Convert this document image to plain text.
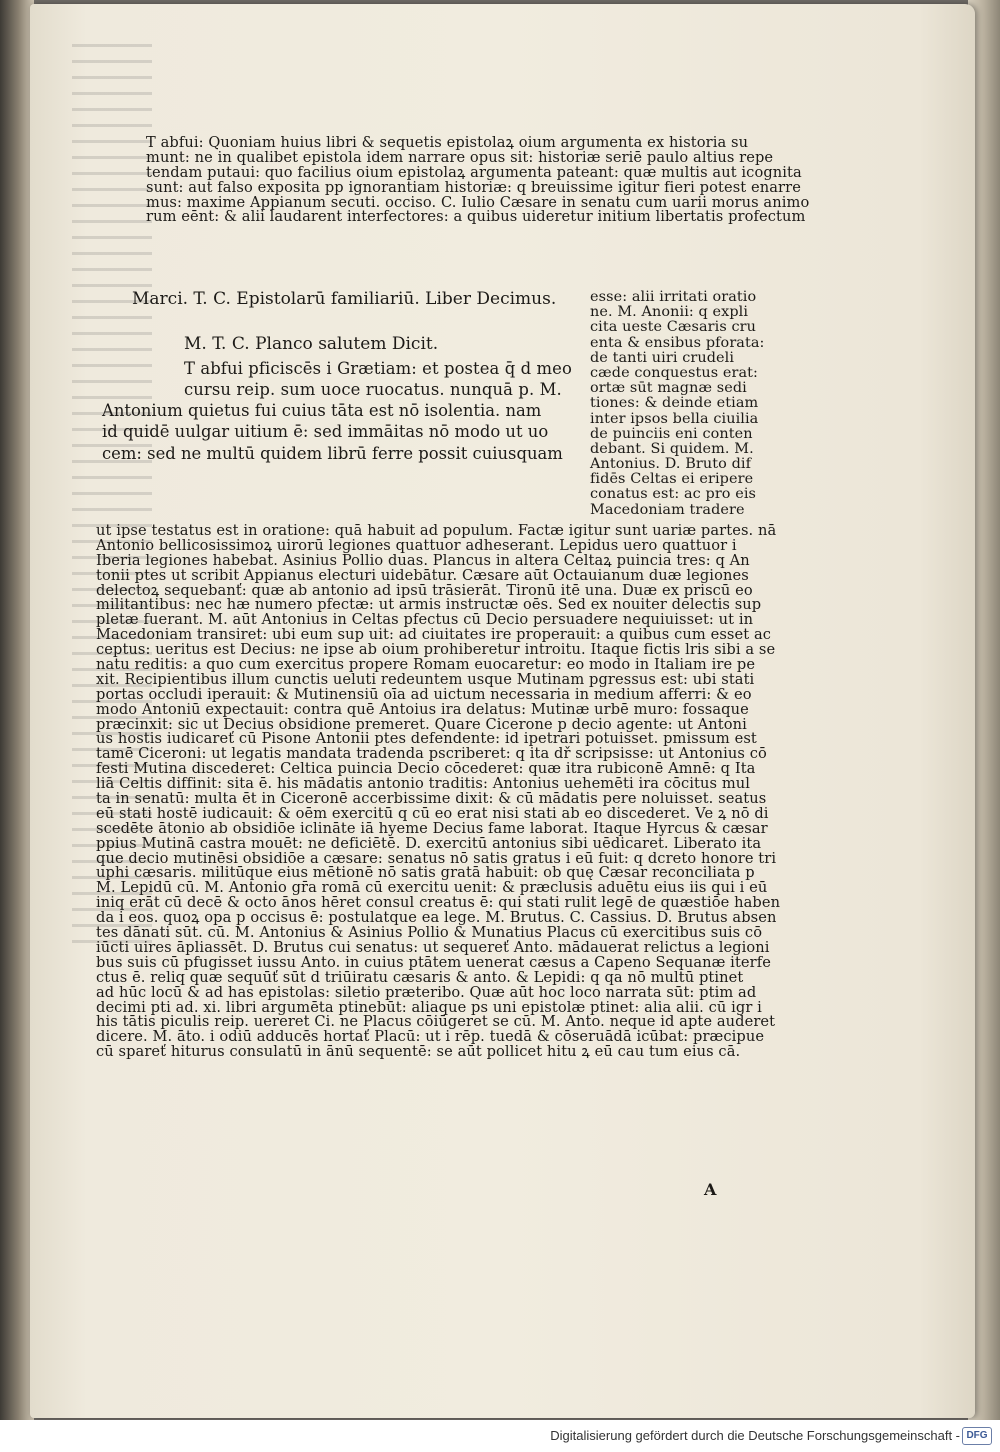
T abfui: Quoniam huius libri & sequetis epistolaꝝ oium argumenta ex historia su
munt: ne in qualibet epistola idem narrare opus sit: historiæ seriē paulo altius repe
tendam putaui: quo facilius oium epistolaꝝ argumenta pateant: quæ multis aut icognita
sunt: aut falso exposita pp ignorantiam historiæ: q breuissime igitur fieri potest enarre
mus: maxime Appianum secuti. occiso. C. Iulio Cæsare in senatu cum uarii morus animo
rum eēnt: & alii laudarent interfectores: a quibus uideretur initium libertatis profectum
Marci. T. C. Epistolarū familiariū. Liber Decimus.
M. T. C. Planco salutem Dicit.
T abfui pficiscēs i Grætiam: et postea q̄ d meo
cursu reip. sum uoce ruocatus. nunquā p. M.
Antonium quietus fui cuius tāta est nō isolentia. nam
id quidē uulgar uitium ē: sed immāitas nō modo ut uo
cem: sed ne multū quidem librū ferre possit cuiusquam
esse: alii irritati oratio
ne. M. Anonii: q expli
cita ueste Cæsaris cru
enta & ensibus pforata:
de tanti uiri crudeli
cæde conquestus erat:
ortæ sūt magnæ sedi
tiones: & deinde etiam
inter ipsos bella ciuilia
de puinciis eni conten
debant. Si quidem. M.
Antonius. D. Bruto dif
fidēs Celtas ei eripere
conatus est: ac pro eis
Macedoniam tradere
ut ipse testatus est in oratione: quā habuit ad populum. Factæ igitur sunt uariæ partes. nā
Antonio bellicosissimoꝝ uirorū legiones quattuor adheserant. Lepidus uero quattuor i
Iberia legiones habebat. Asinius Pollio duas. Plancus in altera Celtaꝝ puincia tres: q An
tonii ptes ut scribit Appianus electuri uidebātur. Cæsare aūt Octauianum duæ legiones
delectoꝝ sequebanť: quæ ab antonio ad ipsū trāsierāt. Tironū itē una. Duæ ex priscū eo
militantibus: nec hæ numero pfectæ: ut armis instructæ oēs. Sed ex nouiter delectis sup
pletæ fuerant. M. aūt Antonius in Celtas pfectus cū Decio persuadere nequiuisset: ut in
Macedoniam transiret: ubi eum sup uit: ad ciuitates ire properauit: a quibus cum esset ac
ceptus: ueritus est Decius: ne ipse ab oium prohiberetur introitu. Itaque fictis lris sibi a se
natu reditis: a quo cum exercitus propere Romam euocaretur: eo modo in Italiam ire pe
xit. Recipientibus illum cunctis ueluti redeuntem usque Mutinam pgressus est: ubi stati
portas occludi iperauit: & Mutinensiū oīa ad uictum necessaria in medium afferri: & eo
modo Antoniū expectauit: contra quē Antoius ira delatus: Mutinæ urbē muro: fossaque
præcinxit: sic ut Decius obsidione premeret. Quare Cicerone p decio agente: ut Antoni
us hostis iudicareť cū Pisone Antonii ptes defendente: id ipetrari potuisset. pmissum est
tamē Ciceroni: ut legatis mandata tradenda pscriberet: q ita dř scripsisse: ut Antonius cō
festi Mutina discederet: Celtica puincia Decio cōcederet: quæ itra rubiconē Amnē: q Ita
liā Celtis diffinit: sita ē. his mādatis antonio traditis: Antonius uehemēti ira cōcitus mul
ta in senatū: multa ēt in Ciceronē accerbissime dixit: & cū mādatis pere noluisset. seatus
eū stati hostē iudicauit: & oēm exercitū q cū eo erat nisi stati ab eo discederet. Ve ꝝ nō di
scedēte ātonio ab obsidiōe iclināte iā hyeme Decius fame laborat. Itaque Hyrcus & cæsar
ppius Mutinā castra mouēt: ne deficiētē. D. exercitū antonius sibi uēdicaret. Liberato ita
que decio mutinēsi obsidiōe a cæsare: senatus nō satis gratus i eū fuit: q dcreto honore tri
uphi cæsaris. militūque eius mētionē nō satis gratā habuit: ob quę Cæsar reconciliata p
M. Lepidū cū. M. Antonio gr̄a romā cū exercitu uenit: & præclusis aduētu eius iis qui i eū
iniq erāt cū decē & octo ānos hēret consul creatus ē: qui stati rulit legē de quæstiōe haben
da i eos. quoꝝ opa p occisus ē: postulatque ea lege. M. Brutus. C. Cassius. D. Brutus absen
tes dānati sūt. cū. M. Antonius & Asinius Pollio & Munatius Placus cū exercitibus suis cō
iūcti uires āpliassēt. D. Brutus cui senatus: ut sequereť Anto. mādauerat relictus a legioni
bus suis cū pfugisset iussu Anto. in cuius ptātem uenerat cæsus a Capeno Sequanæ iterfe
ctus ē. reliq quæ sequūť sūt d triūiratu cæsaris & anto. & Lepidi: q qa nō multū ptinet
ad hūc locū & ad has epistolas: siletio præteribo. Quæ aūt hoc loco narrata sūt: ptim ad
decimi pti ad. xi. libri argumēta ptinebūt: aliaque ps uni epistolæ ptinet: alia alii. cū igr i
his tātis piculis reip. uereret Ci. ne Placus cōiūgeret se cū. M. Anto. neque id apte auderet
dicere. M. āto. i odiū adducēs hortať Placū: ut i rēp. tuedā & cōseruādā icūbat: præcipue
cū spareť hiturus consulatū in ānū sequentē: se aūt pollicet hitu ꝝ eū cau tum eius cā.
A
Digitalisierung gefördert durch die Deutsche Forschungsgemeinschaft - DFG
